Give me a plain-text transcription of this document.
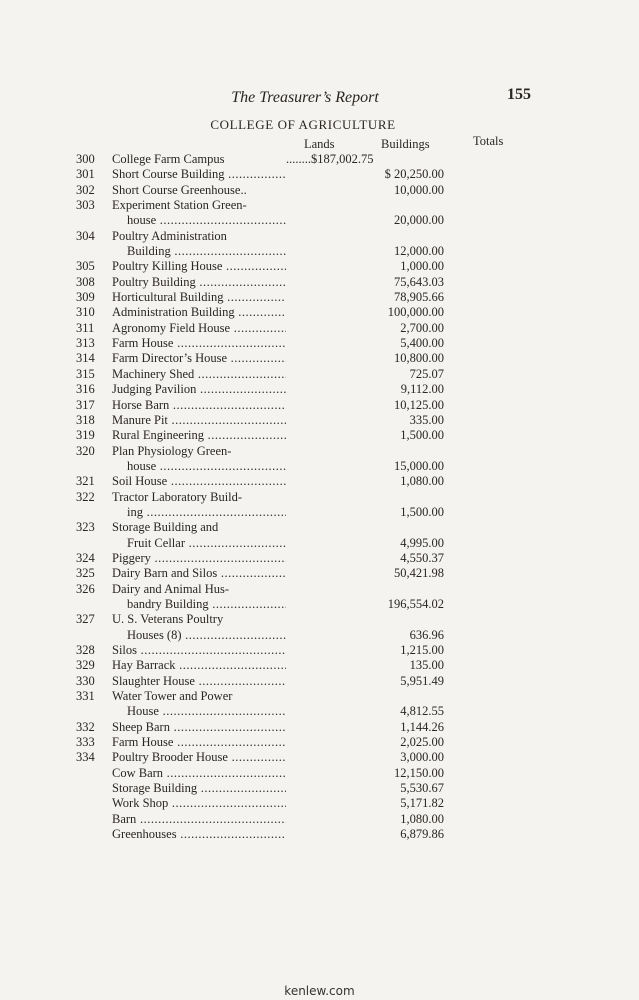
The Treasurer’s Report	155
COLLEGE OF AGRICULTURE
Lands	Buildings	Totals
300 College Farm Campus	........$187,002.75
301 Short Course Building .....	$ 20,250.00
302 Short Course Greenhouse..	10,000.00
303 Experiment Station Green-
house .....	20,000.00
304 Poultry Administration
Building .....	12,000.00
305 Poultry Killing House .....	1,000.00
308 Poultry Building .....	75,643.03
309 Horticultural Building .....	78,905.66
310 Administration Building .....	100,000.00
311 Agronomy Field House .....	2,700.00
313 Farm House .....	5,400.00
314 Farm Director’s House .....	10,800.00
315 Machinery Shed .....	725.07
316 Judging Pavilion .....	9,112.00
317 Horse Barn .....	10,125.00
318 Manure Pit .....	335.00
319 Rural Engineering .....	1,500.00
320 Plan Physiology Green-
house .....	15,000.00
321 Soil House .....	1,080.00
322 Tractor Laboratory Build-
ing .....	1,500.00
323 Storage Building and
Fruit Cellar .....	4,995.00
324 Piggery .....	4,550.37
325 Dairy Barn and Silos .....	50,421.98
326 Dairy and Animal Hus-
bandry Building .....	196,554.02
327 U. S. Veterans Poultry
Houses (8) .....	636.96
328 Silos .....	1,215.00
329 Hay Barrack .....	135.00
330 Slaughter House .....	5,951.49
331 Water Tower and Power
House .....	4,812.55
332 Sheep Barn .....	1,144.26
333 Farm House .....	2,025.00
334 Poultry Brooder House .....	3,000.00
Cow Barn .....	12,150.00
Storage Building .....	5,530.67
Work Shop .....	5,171.82
Barn .....	1,080.00
Greenhouses .....	6,879.86
kenlew.com
